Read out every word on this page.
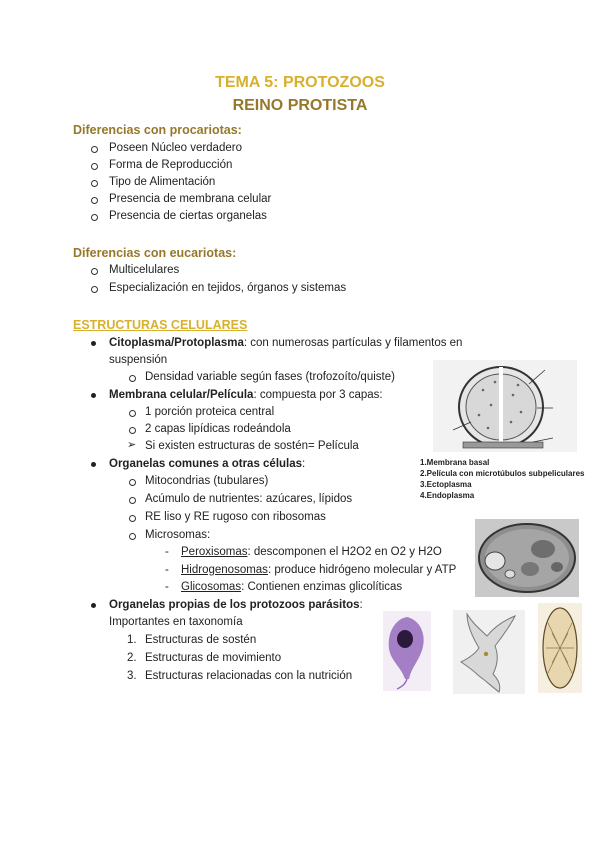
TEMA 5: PROTOZOOS
REINO PROTISTA
Diferencias con procariotas:
Poseen Núcleo verdadero
Forma de Reproducción
Tipo de Alimentación
Presencia de membrana celular
Presencia de ciertas organelas
Diferencias con eucariotas:
Multicelulares
Especialización en tejidos, órganos y sistemas
ESTRUCTURAS CELULARES
Citoplasma/Protoplasma: con numerosas partículas y filamentos en
suspensión
Densidad variable según fases (trofozoíto/quiste)
Membrana celular/Película: compuesta por 3 capas:
1 porción proteica central
2 capas lipídicas rodeándola
➢ Si existen estructuras de sostén= Película
Organelas comunes a otras células:
Mitocondrias (tubulares)
Acúmulo de nutrientes: azúcares, lípidos
RE liso y RE rugoso con ribosomas
Microsomas:
- Peroxisomas: descomponen el H2O2 en O2 y H2O
- Hidrogenosomas: produce hidrógeno molecular y ATP
- Glicosomas: Contienen enzimas glicolíticas
Organelas propias de los protozoos parásitos:
Importantes en taxonomía
1. Estructuras de sostén
2. Estructuras de movimiento
3. Estructuras relacionadas con la nutrición
1.Membrana basal
2.Película con microtúbulos subpeliculares
3.Ectoplasma
4.Endoplasma
